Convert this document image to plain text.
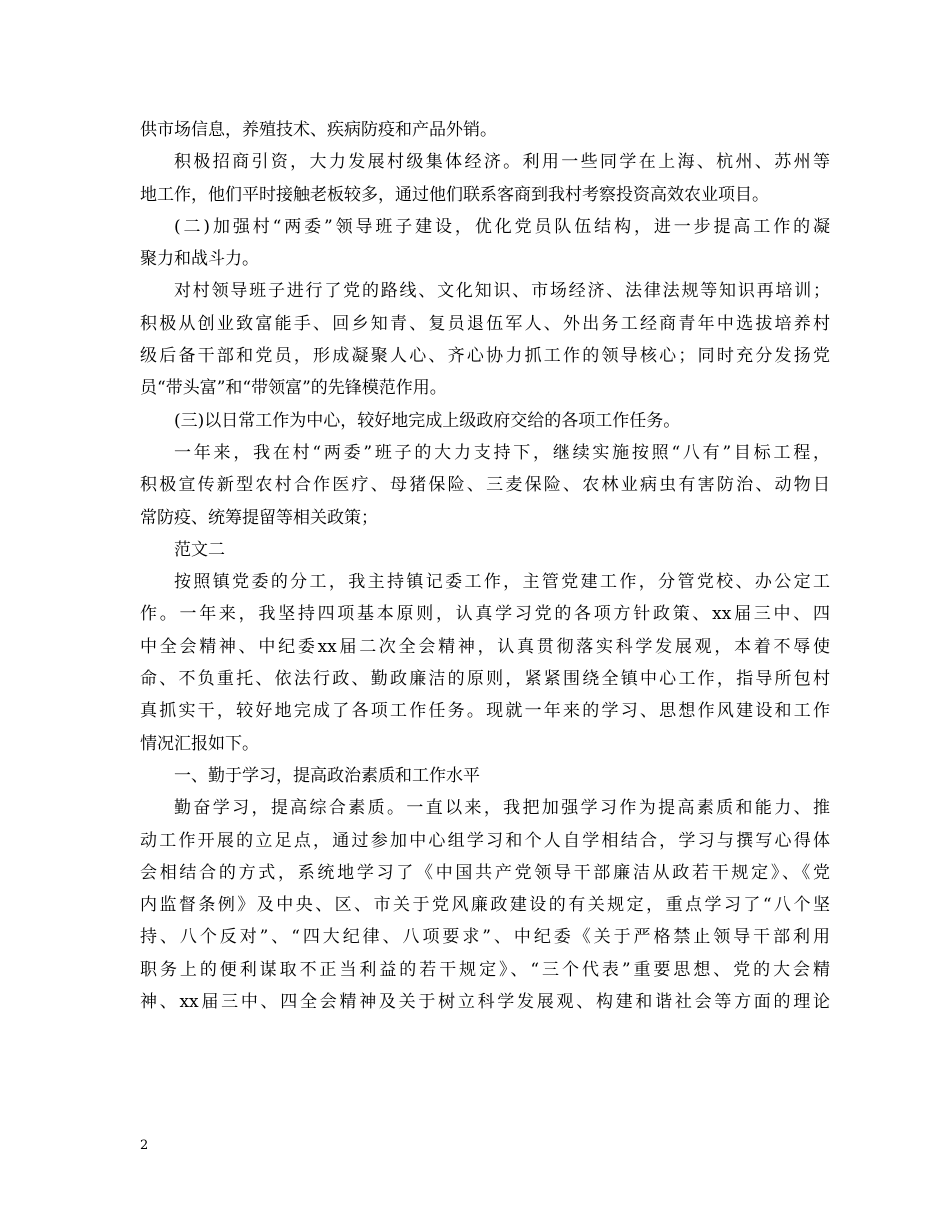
供市场信息，养殖技术、疾病防疫和产品外销。
积极招商引资，大力发展村级集体经济。利用一些同学在上海、杭州、苏州等
地工作，他们平时接触老板较多，通过他们联系客商到我村考察投资高效农业项目。
(二)加强村“两委”领导班子建设，优化党员队伍结构，进一步提高工作的凝
聚力和战斗力。
对村领导班子进行了党的路线、文化知识、市场经济、法律法规等知识再培训；
积极从创业致富能手、回乡知青、复员退伍军人、外出务工经商青年中选拔培养村
级后备干部和党员，形成凝聚人心、齐心协力抓工作的领导核心；同时充分发扬党
员“带头富”和“带领富”的先锋模范作用。
(三)以日常工作为中心，较好地完成上级政府交给的各项工作任务。
一年来，我在村“两委”班子的大力支持下，继续实施按照“八有”目标工程，
积极宣传新型农村合作医疗、母猪保险、三麦保险、农林业病虫有害防治、动物日
常防疫、统筹提留等相关政策；
范文二
按照镇党委的分工，我主持镇记委工作，主管党建工作，分管党校、办公定工
作。一年来，我坚持四项基本原则，认真学习党的各项方针政策、xx届三中、四
中全会精神、中纪委xx届二次全会精神，认真贯彻落实科学发展观，本着不辱使
命、不负重托、依法行政、勤政廉洁的原则，紧紧围绕全镇中心工作，指导所包村
真抓实干，较好地完成了各项工作任务。现就一年来的学习、思想作风建设和工作
情况汇报如下。
一、勤于学习，提高政治素质和工作水平
勤奋学习，提高综合素质。一直以来，我把加强学习作为提高素质和能力、推
动工作开展的立足点，通过参加中心组学习和个人自学相结合，学习与撰写心得体
会相结合的方式，系统地学习了《中国共产党领导干部廉洁从政若干规定》、《党
内监督条例》及中央、区、市关于党风廉政建设的有关规定，重点学习了“八个坚
持、八个反对”、“四大纪律、八项要求”、中纪委《关于严格禁止领导干部利用
职务上的便利谋取不正当利益的若干规定》、“三个代表”重要思想、党的大会精
神、xx届三中、四全会精神及关于树立科学发展观、构建和谐社会等方面的理论
2
